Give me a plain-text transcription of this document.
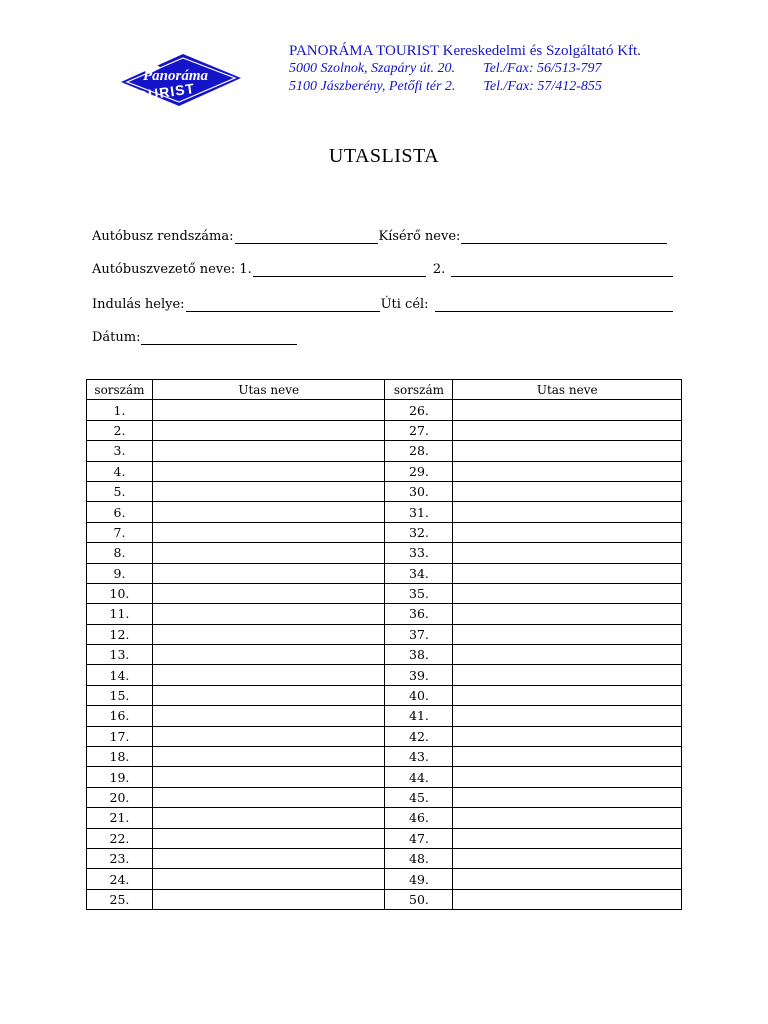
Panoráma
TOURIST
PANORÁMA TOURIST Kereskedelmi és Szolgáltató Kft.
5000 Szolnok, Szapáry út. 20. Tel./Fax: 56/513-797
5100 Jászberény, Petőfi tér 2. Tel./Fax: 57/412-855
UTASLISTA
Autóbusz rendszáma:	Kísérő neve:
Autóbuszvezető neve: 1.	2.
Indulás helye:	Úti cél:
Dátum:
sorszám	Utas neve	sorszám	Utas neve
1.		26.	
2.		27.	
3.		28.	
4.		29.	
5.		30.	
6.		31.	
7.		32.	
8.		33.	
9.		34.	
10.		35.	
11.		36.	
12.		37.	
13.		38.	
14.		39.	
15.		40.	
16.		41.	
17.		42.	
18.		43.	
19.		44.	
20.		45.	
21.		46.	
22.		47.	
23.		48.	
24.		49.	
25.		50.	
